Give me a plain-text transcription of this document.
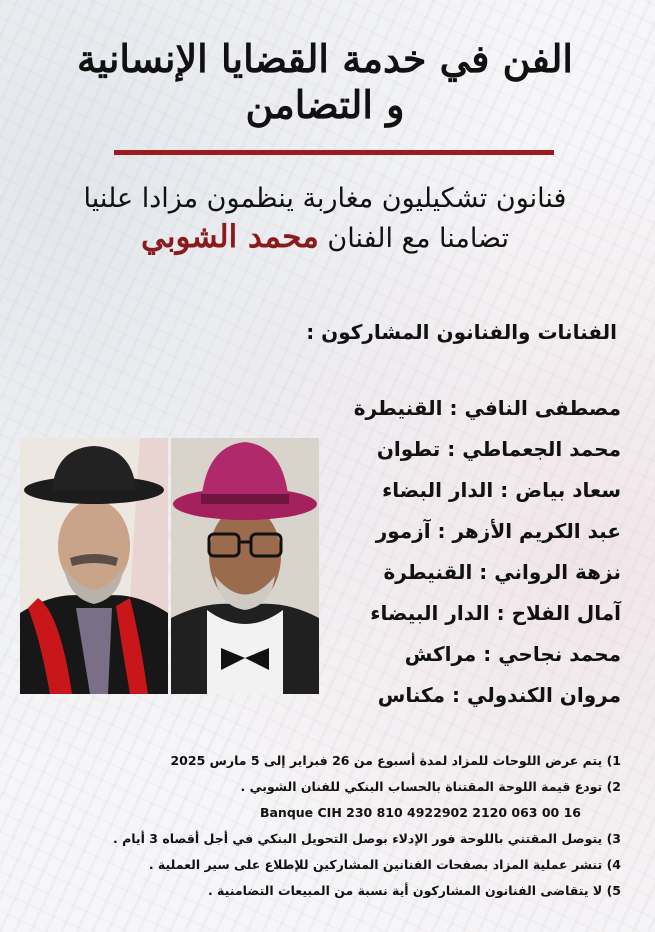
الفن في خدمة القضايا الإنسانية
و التضامن
فنانون تشكيليون مغاربة ينظمون مزادا علنيا
تضامنا مع الفنان محمد الشوبي
الفنانات والفنانون المشاركون :
مصطفى النافي : القنيطرة
محمد الجعماطي : تطوان
سعاد بياض : الدار البضاء
عبد الكريم الأزهر : آزمور
نزهة الرواني : القنيطرة
آمال الفلاح : الدار البيضاء
محمد نجاحي : مراكش
مروان الكندولي : مكناس
1) يتم عرض اللوحات للمزاد لمدة أسبوع من 26 فبراير إلى 5 مارس 2025
2) تودع قيمة اللوحة المقتناة بالحساب البنكي للفنان الشوبي .
Banque CIH 230 810 4922902 2120 063 00 16
3) يتوصل المقتني باللوحة فور الإدلاء بوصل التحويل البنكي في أجل أقصاه 3 أيام .
4) تنشر عملية المزاد بصفحات الفنانين المشاركين للإطلاع على سير العملية .
5) لا يتقاضى الفنانون المشاركون أية نسبة من المبيعات التضامنية .
